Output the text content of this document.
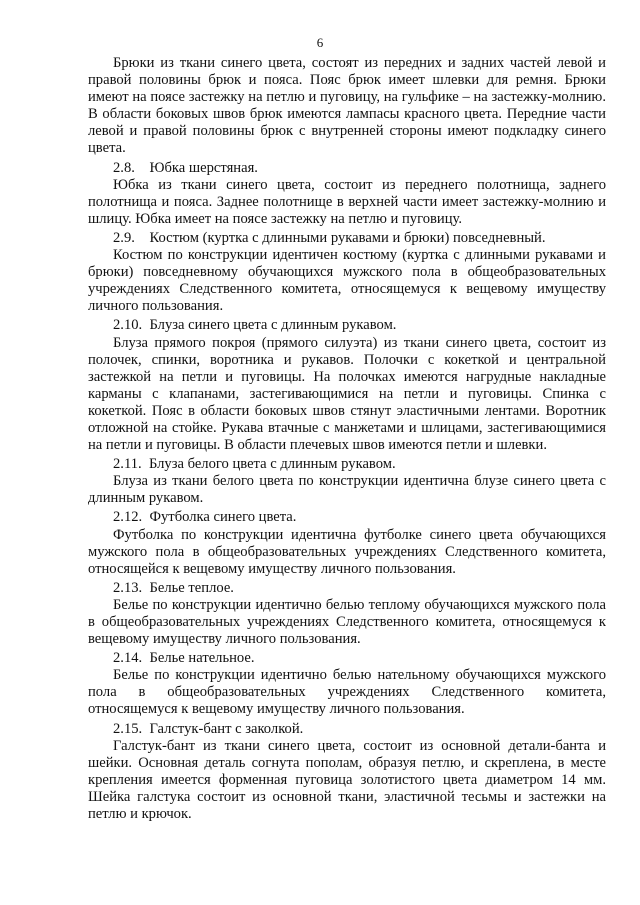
6

Брюки из ткани синего цвета, состоят из передних и задних частей левой и правой половины брюк и пояса. Пояс брюк имеет шлевки для ремня. Брюки имеют на поясе застежку на петлю и пуговицу, на гульфике – на застежку-молнию. В области боковых швов брюк имеются лампасы красного цвета. Передние части левой и правой половины брюк с внутренней стороны имеют подкладку синего цвета.

2.8. Юбка шерстяная.

Юбка из ткани синего цвета, состоит из переднего полотнища, заднего полотнища и пояса. Заднее полотнище в верхней части имеет застежку-молнию и шлицу. Юбка имеет на поясе застежку на петлю и пуговицу.

2.9. Костюм (куртка с длинными рукавами и брюки) повседневный.

Костюм по конструкции идентичен костюму (куртка с длинными рукавами и брюки) повседневному обучающихся мужского пола в общеобразовательных учреждениях Следственного комитета, относящемуся к вещевому имуществу личного пользования.

2.10. Блуза синего цвета с длинным рукавом.

Блуза прямого покроя (прямого силуэта) из ткани синего цвета, состоит из полочек, спинки, воротника и рукавов. Полочки с кокеткой и центральной застежкой на петли и пуговицы. На полочках имеются нагрудные накладные карманы с клапанами, застегивающимися на петли и пуговицы. Спинка с кокеткой. Пояс в области боковых швов стянут эластичными лентами. Воротник отложной на стойке. Рукава втачные с манжетами и шлицами, застегивающимися на петли и пуговицы. В области плечевых швов имеются петли и шлевки.

2.11. Блуза белого цвета с длинным рукавом.

Блуза из ткани белого цвета по конструкции идентична блузе синего цвета с длинным рукавом.

2.12. Футболка синего цвета.

Футболка по конструкции идентична футболке синего цвета обучающихся мужского пола в общеобразовательных учреждениях Следственного комитета, относящейся к вещевому имуществу личного пользования.

2.13. Белье теплое.

Белье по конструкции идентично белью теплому обучающихся мужского пола в общеобразовательных учреждениях Следственного комитета, относящемуся к вещевому имуществу личного пользования.

2.14. Белье нательное.

Белье по конструкции идентично белью нательному обучающихся мужского пола в общеобразовательных учреждениях Следственного комитета, относящемуся к вещевому имуществу личного пользования.

2.15. Галстук-бант с заколкой.

Галстук-бант из ткани синего цвета, состоит из основной детали-банта и шейки. Основная деталь согнута пополам, образуя петлю, и скреплена, в месте крепления имеется форменная пуговица золотистого цвета диаметром 14 мм. Шейка галстука состоит из основной ткани, эластичной тесьмы и застежки на петлю и крючок.
